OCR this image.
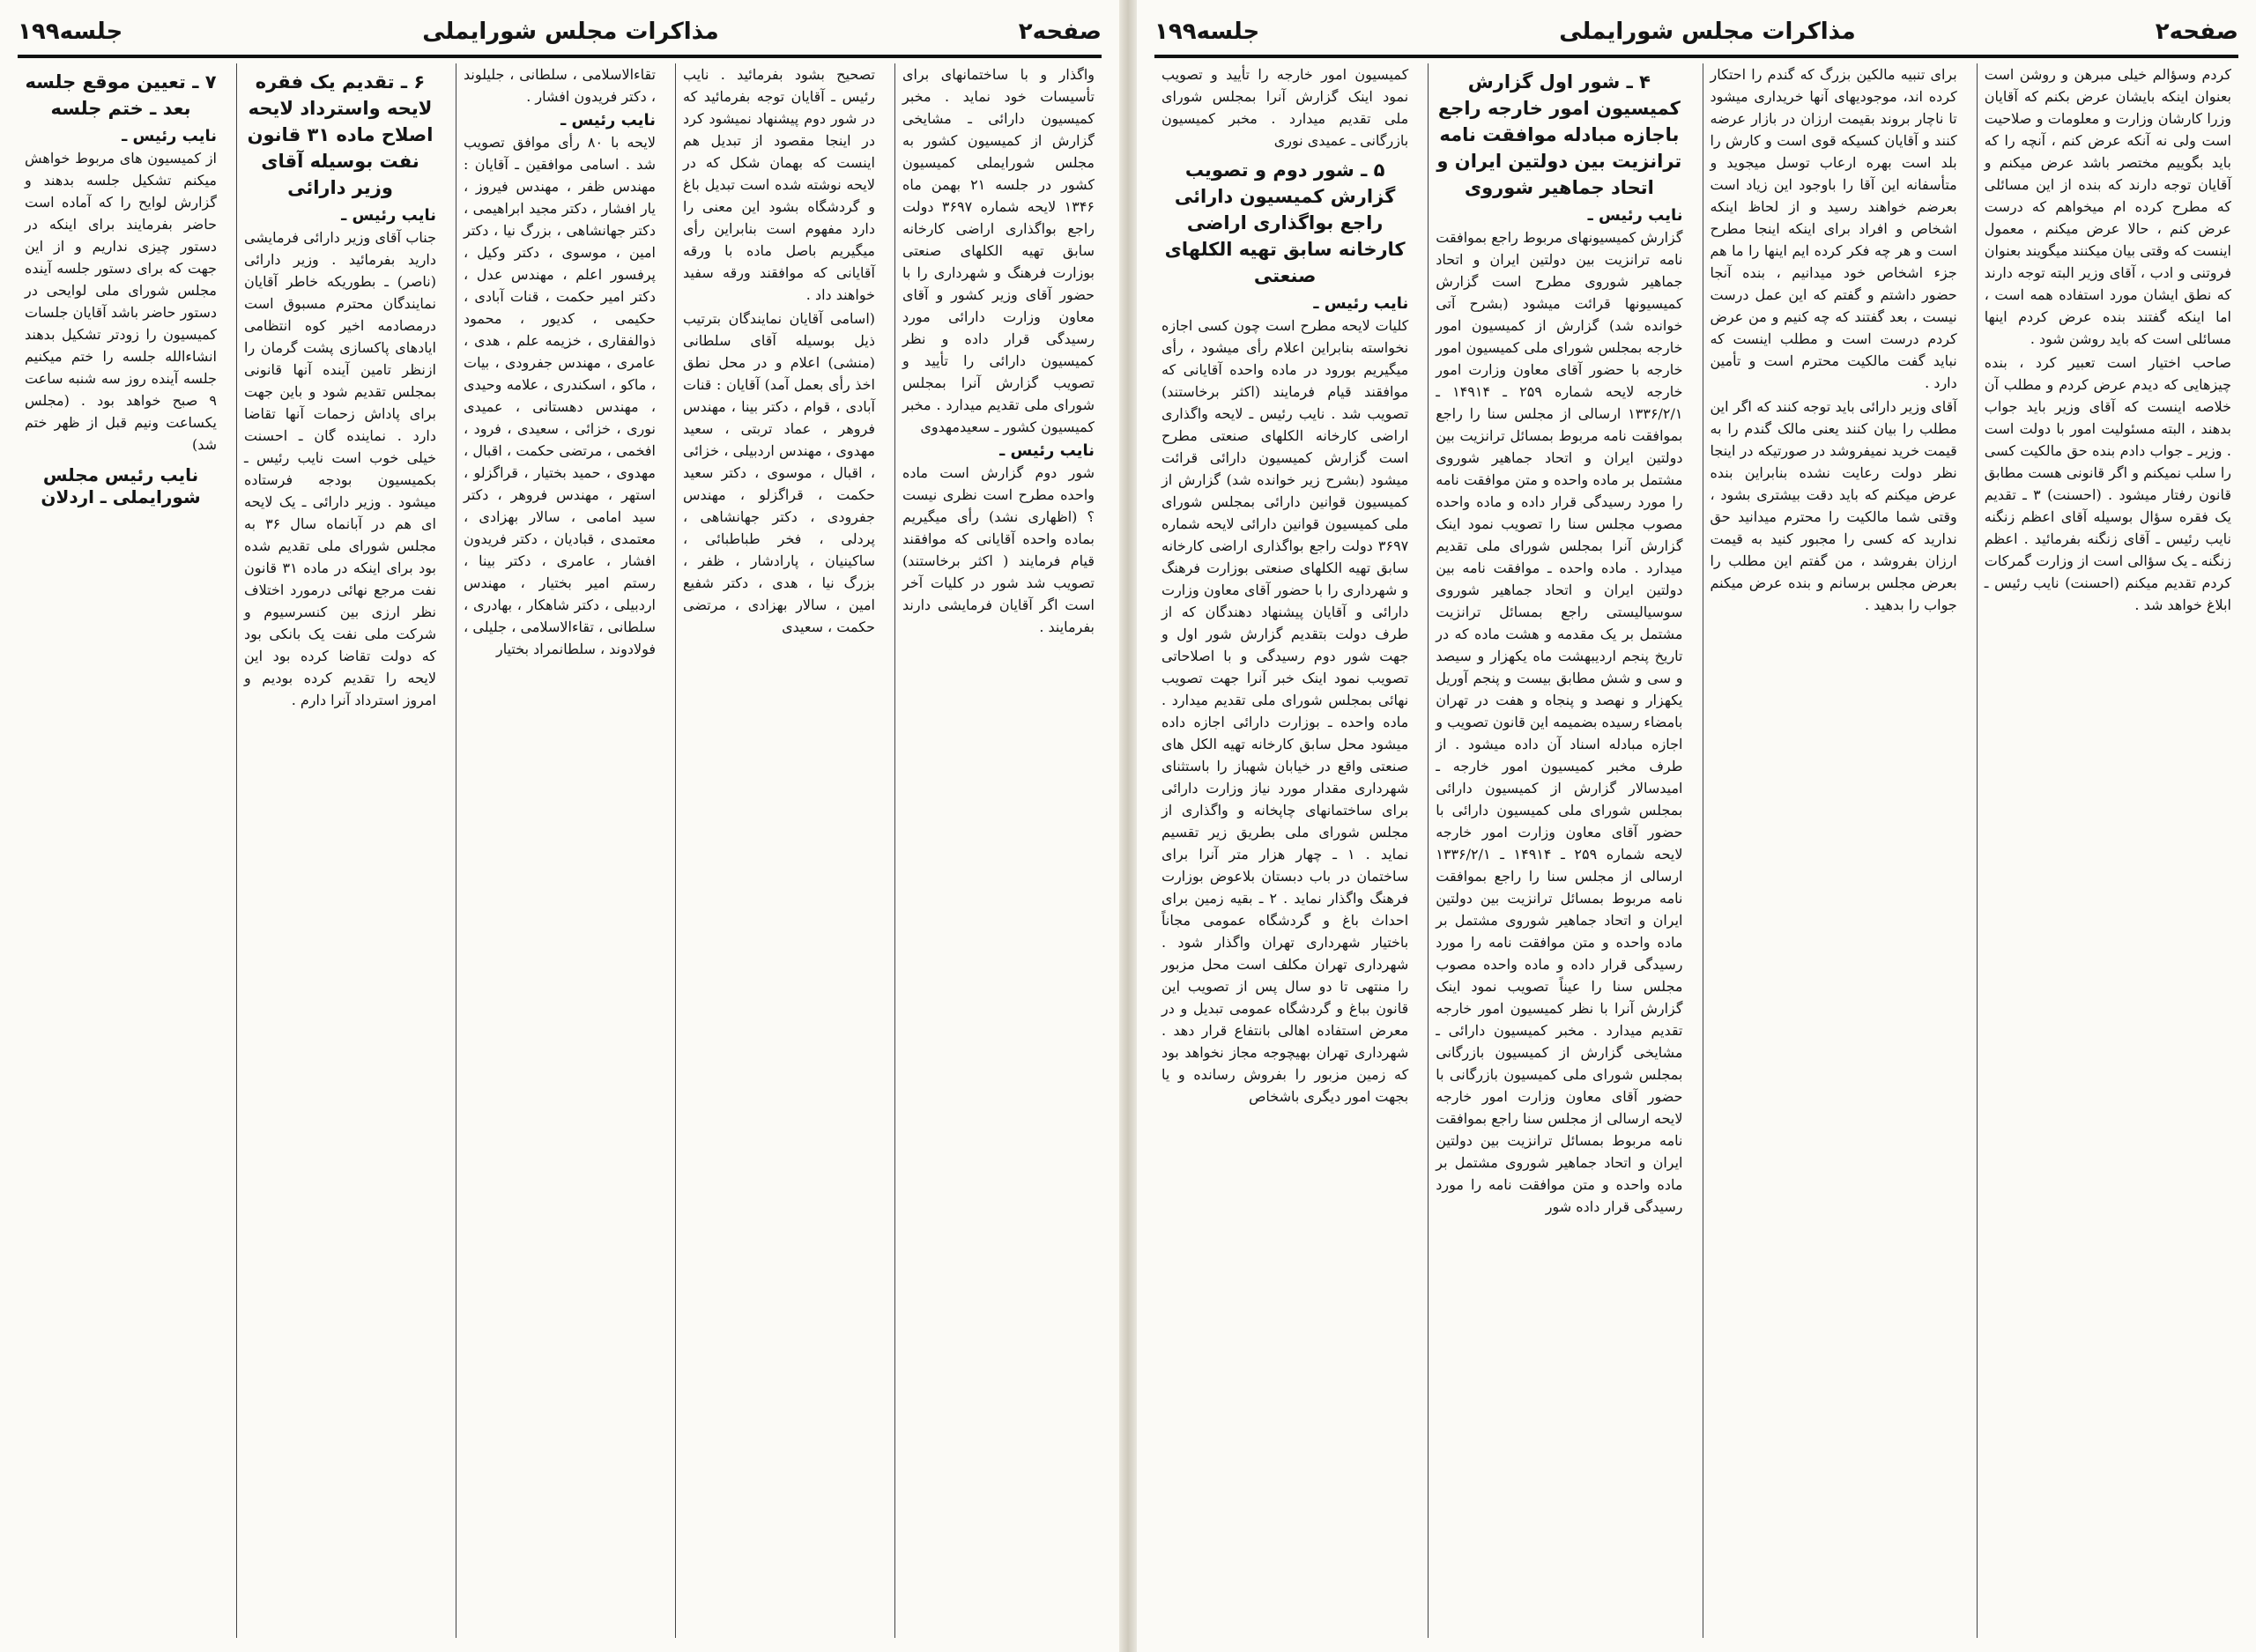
صفحه۲
مذاکرات مجلس شورایملی
جلسه۱۹۹

واگذار و با ساختمانهای برای تأسیسات خود نماید . مخبر کمیسیون دارائی ـ مشایخی گزارش از کمیسیون کشور به مجلس شورایملی کمیسیون کشور در جلسه ۲۱ بهمن ماه ۱۳۴۶ لایحه شماره ۳۶۹۷ دولت راجع بواگذاری اراضی کارخانه سابق تهیه الکلهای صنعتی بوزارت فرهنگ و شهرداری را با حضور آقای وزیر کشور و آقای معاون وزارت دارائی مورد رسیدگی قرار داده و نظر کمیسیون دارائی را تأیید و تصویب گزارش آنرا بمجلس شورای ملی تقدیم میدارد . مخبر کمیسیون کشور ـ سعیدمهدوی

نایب رئیس ـ

شور دوم گزارش است ماده واحده مطرح است نظری نیست ؟ (اظهاری نشد) رأی میگیریم بماده واحده آقایانی که موافقند قیام فرمایند ( اکثر برخاستند) تصویب شد شور در کلیات آخر است اگر آقایان فرمایشی دارند بفرمایند .

تصحیح بشود بفرمائید . نایب رئیس ـ آقایان توجه بفرمائید که در شور دوم پیشنهاد نمیشود کرد در اینجا مقصود از تبدیل هم اینست که بهمان شکل که در لایحه نوشته شده است تبدیل باغ و گردشگاه بشود این معنی را دارد مفهوم است بنابراین رأی میگیریم باصل ماده با ورقه آقایانی که موافقند ورقه سفید خواهند داد .

(اسامی آقایان نمایندگان بترتیب ذیل بوسیله آقای سلطانی (منشی) اعلام و در محل نطق اخذ رأی بعمل آمد) آقایان : قنات آبادی ، قوام ، دکتر بینا ، مهندس فروهر ، عماد تربتی ، سعید مهدوی ، مهندس اردبیلی ، خزائی ، اقبال ، موسوی ، دکتر سعید حکمت ، قراگزلو ، مهندس جفرودی ، دکتر جهانشاهی ، پردلی ، فخر طباطبائی ، ساکینیان ، پارادشار ، ظفر ، بزرگ نیا ، هدی ، دکتر شفیع امین ، سالار بهزادی ، مرتضی حکمت ، سعیدی

تقاءالاسلامی ، سلطانی ، جلیلوند ، دکتر فریدون افشار .

نایب رئیس ـ

لایحه با ۸۰ رأی موافق تصویب شد . اسامی موافقین ـ آقایان : مهندس ظفر ، مهندس فیروز ، یار افشار ، دکتر مجید ابراهیمی ، دکتر جهانشاهی ، بزرگ نیا ، دکتر امین ، موسوی ، دکتر وکیل ، پرفسور اعلم ، مهندس عدل ، دکتر امیر حکمت ، قنات آبادی ، حکیمی ، کدیور ، محمود ذوالفقاری ، خزیمه علم ، هدی ، عامری ، مهندس جفرودی ، بیات ، ماکو ، اسکندری ، علامه وحیدی ، مهندس دهستانی ، عمیدی نوری ، خزائی ، سعیدی ، فرود ، افخمی ، مرتضی حکمت ، اقبال ، مهدوی ، حمید بختیار ، قراگزلو ، استهر ، مهندس فروهر ، دکتر سید امامی ، سالار بهزادی ، معتمدی ، قبادیان ، دکتر فریدون افشار ، عامری ، دکتر بینا ، رستم امیر بختیار ، مهندس اردبیلی ، دکتر شاهکار ، بهادری ، سلطانی ، تقاءالاسلامی ، جلیلی ، فولادوند ، سلطانمراد بختیار

۶ ـ تقدیم یک فقره لایحه واسترداد لایحه اصلاح ماده ۳۱ قانون نفت بوسیله آقای وزیر دارائی
نایب رئیس ـ

جناب آقای وزیر دارائی فرمایشی دارید بفرمائید . وزیر دارائی (ناصر) ـ بطوریکه خاطر آقایان نمایندگان محترم مسبوق است درمصادمه اخیر کوه انتظامی ایادهای پاکسازی پشت گرمان را ازنظر تامین آینده آنها قانونی بمجلس تقدیم شود و باین جهت برای پاداش زحمات آنها تقاضا دارد . نماینده گان ـ احسنت خیلی خوب است نایب رئیس ـ بکمیسیون بودجه فرستاده میشود . وزیر دارائی ـ یک لایحه ای هم در آبانماه سال ۳۶ به مجلس شورای ملی تقدیم شده بود برای اینکه در ماده ۳۱ قانون نفت مرجع نهائی درمورد اختلاف نظر ارزی بین کنسرسیوم و شرکت ملی نفت یک بانکی بود که دولت تقاضا کرده بود این لایحه را تقدیم کرده بودیم و امروز استرداد آنرا دارم .

۷ ـ تعیین موقع جلسه بعد ـ ختم جلسه
نایب رئیس ـ

از کمیسیون های مربوط خواهش میکنم تشکیل جلسه بدهند و گزارش لوایح را که آماده است حاضر بفرمایند برای اینکه در دستور چیزی نداریم و از این جهت که برای دستور جلسه آینده مجلس شورای ملی لوایحی در دستور حاضر باشد آقایان جلسات کمیسیون را زودتر تشکیل بدهند انشاءالله جلسه را ختم میکنیم جلسه آینده روز سه شنبه ساعت ۹ صبح خواهد بود . (مجلس یکساعت ونیم قبل از ظهر ختم شد)

نایب رئیس مجلس شورایملی ـ اردلان
صفحه۲
مذاکرات مجلس شورایملی
جلسه۱۹۹

کردم وسؤالم خیلی مبرهن و روشن است بعنوان اینکه بایشان عرض بکنم که آقایان وزرا کارشان وزارت و معلومات و صلاحیت است ولی نه آنکه عرض کنم ، آنچه را که باید بگوییم مختصر باشد عرض میکنم و آقایان توجه دارند که بنده از این مسائلی که مطرح کرده ام میخواهم که درست عرض کنم ، حالا عرض میکنم ، معمول اینست که وقتی بیان میکنند میگویند بعنوان فروتنی و ادب ، آقای وزیر البته توجه دارند که نطق ایشان مورد استفاده همه است ، اما اینکه گفتند بنده عرض کردم اینها مسائلی است که باید روشن شود .

صاحب اختیار است تعبیر کرد ، بنده چیزهایی که دیدم عرض کردم و مطلب آن خلاصه اینست که آقای وزیر باید جواب بدهند ، البته مسئولیت امور با دولت است . وزیر ـ جواب دادم بنده حق مالکیت کسی را سلب نمیکنم و اگر قانونی هست مطابق قانون رفتار میشود . (احسنت) ۳ ـ تقدیم یک فقره سؤال بوسیله آقای اعظم زنگنه نایب رئیس ـ آقای زنگنه بفرمائید . اعظم زنگنه ـ یک سؤالی است از وزارت گمرکات کردم تقدیم میکنم (احسنت) نایب رئیس ـ ابلاغ خواهد شد .

برای تنبیه مالکین بزرگ که گندم را احتکار کرده اند، موجودیهای آنها خریداری میشود تا ناچار بروند بقیمت ارزان در بازار عرضه کنند و آقایان کسیکه قوی است و کارش را بلد است بهره ارعاب توسل میجوید و متأسفانه این آقا را باوجود این زیاد است بعرضم خواهند رسید و از لحاظ اینکه اشخاص و افراد برای اینکه اینجا مطرح است و هر چه فکر کرده ایم اینها را ما هم جزء اشخاص خود میدانیم ، بنده آنجا حضور داشتم و گفتم که این عمل درست نیست ، بعد گفتند که چه کنیم و من عرض کردم درست است و مطلب اینست که نباید گفت مالکیت محترم است و تأمین دارد .

آقای وزیر دارائی باید توجه کنند که اگر این مطلب را بیان کنند یعنی مالک گندم را به قیمت خرید نمیفروشد در صورتیکه در اینجا نظر دولت رعایت نشده بنابراین بنده عرض میکنم که باید دقت بیشتری بشود ، وقتی شما مالکیت را محترم میدانید حق ندارید که کسی را مجبور کنید به قیمت ارزان بفروشد ، من گفتم این مطلب را بعرض مجلس برسانم و بنده عرض میکنم جواب را بدهید .

۴ ـ شور اول گزارش کمیسیون امور خارجه راجع باجازه مبادله موافقت نامه ترانزیت بین دولتین ایران و اتحاد جماهیر شوروی
نایب رئیس ـ

گزارش کمیسیونهای مربوط راجع بموافقت نامه ترانزیت بین دولتین ایران و اتحاد جماهیر شوروی مطرح است گزارش کمیسیونها قرائت میشود (بشرح آتی خوانده شد) گزارش از کمیسیون امور خارجه بمجلس شورای ملی کمیسیون امور خارجه با حضور آقای معاون وزارت امور خارجه لایحه شماره ۲۵۹ ـ ۱۴۹۱۴ ـ ۱۳۳۶/۲/۱ ارسالی از مجلس سنا را راجع بموافقت نامه مربوط بمسائل ترانزیت بین دولتین ایران و اتحاد جماهیر شوروی مشتمل بر ماده واحده و متن موافقت نامه را مورد رسیدگی قرار داده و ماده واحده مصوب مجلس سنا را تصویب نمود اینک گزارش آنرا بمجلس شورای ملی تقدیم میدارد . ماده واحده ـ موافقت نامه بین دولتین ایران و اتحاد جماهیر شوروی سوسیالیستی راجع بمسائل ترانزیت مشتمل بر یک مقدمه و هشت ماده که در تاریخ پنجم اردیبهشت ماه یکهزار و سیصد و سی و شش مطابق بیست و پنجم آوریل یکهزار و نهصد و پنجاه و هفت در تهران بامضاء رسیده بضمیمه این قانون تصویب و اجازه مبادله اسناد آن داده میشود . از طرف مخبر کمیسیون امور خارجه ـ امیدسالار گزارش از کمیسیون دارائی بمجلس شورای ملی کمیسیون دارائی با حضور آقای معاون وزارت امور خارجه لایحه شماره ۲۵۹ ـ ۱۴۹۱۴ ـ ۱۳۳۶/۲/۱ ارسالی از مجلس سنا را راجع بموافقت نامه مربوط بمسائل ترانزیت بین دولتین ایران و اتحاد جماهیر شوروی مشتمل بر ماده واحده و متن موافقت نامه را مورد رسیدگی قرار داده و ماده واحده مصوب مجلس سنا را عیناً تصویب نمود اینک گزارش آنرا با نظر کمیسیون امور خارجه تقدیم میدارد . مخبر کمیسیون دارائی ـ مشایخی گزارش از کمیسیون بازرگانی بمجلس شورای ملی کمیسیون بازرگانی با حضور آقای معاون وزارت امور خارجه لایحه ارسالی از مجلس سنا راجع بموافقت نامه مربوط بمسائل ترانزیت بین دولتین ایران و اتحاد جماهیر شوروی مشتمل بر ماده واحده و متن موافقت نامه را مورد رسیدگی قرار داده شور

کمیسیون امور خارجه را تأیید و تصویب نمود اینک گزارش آنرا بمجلس شورای ملی تقدیم میدارد . مخبر کمیسیون بازرگانی ـ عمیدی نوری

۵ ـ شور دوم و تصویب گزارش کمیسیون دارائی راجع بواگذاری اراضی کارخانه سابق تهیه الکلهای صنعتی
نایب رئیس ـ

کلیات لایحه مطرح است چون کسی اجازه نخواسته بنابراین اعلام رأی میشود ، رأی میگیریم بورود در ماده واحده آقایانی که موافقند قیام فرمایند (اکثر برخاستند) تصویب شد . نایب رئیس ـ لایحه واگذاری اراضی کارخانه الکلهای صنعتی مطرح است گزارش کمیسیون دارائی قرائت میشود (بشرح زیر خوانده شد) گزارش از کمیسیون قوانین دارائی بمجلس شورای ملی کمیسیون قوانین دارائی لایحه شماره ۳۶۹۷ دولت راجع بواگذاری اراضی کارخانه سابق تهیه الکلهای صنعتی بوزارت فرهنگ و شهرداری را با حضور آقای معاون وزارت دارائی و آقایان پیشنهاد دهندگان که از طرف دولت بتقدیم گزارش شور اول و جهت شور دوم رسیدگی و با اصلاحاتی تصویب نمود اینک خبر آنرا جهت تصویب نهائی بمجلس شورای ملی تقدیم میدارد . ماده واحده ـ بوزارت دارائی اجازه داده میشود محل سابق کارخانه تهیه الکل های صنعتی واقع در خیابان شهباز را باستثنای شهرداری مقدار مورد نیاز وزارت دارائی برای ساختمانهای چاپخانه و واگذاری از مجلس شورای ملی بطریق زیر تقسیم نماید . ۱ ـ چهار هزار متر آنرا برای ساختمان در باب دبستان بلاعوض بوزارت فرهنگ واگذار نماید . ۲ ـ بقیه زمین برای احداث باغ و گردشگاه عمومی مجاناً باختیار شهرداری تهران واگذار شود . شهرداری تهران مکلف است محل مزبور را منتهی تا دو سال پس از تصویب این قانون بباغ و گردشگاه عمومی تبدیل و در معرض استفاده اهالی بانتفاع قرار دهد . شهرداری تهران بهیچوجه مجاز نخواهد بود که زمین مزبور را بفروش رسانده و یا بجهت امور دیگری باشخاص
